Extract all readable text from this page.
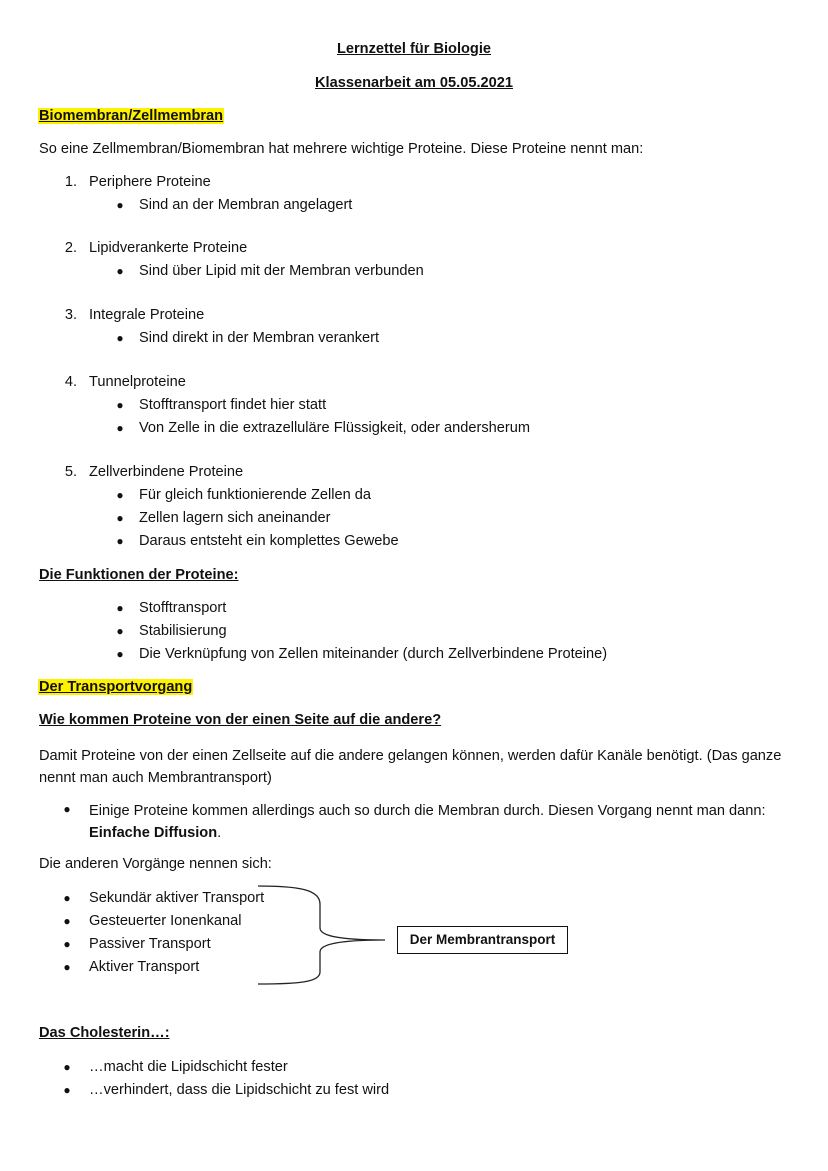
Lernzettel für Biologie
Klassenarbeit am 05.05.2021
Biomembran/Zellmembran
So eine Zellmembran/Biomembran hat mehrere wichtige Proteine. Diese Proteine nennt man:
1. Periphere Proteine
● Sind an der Membran angelagert
2. Lipidverankerte Proteine
● Sind über Lipid mit der Membran verbunden
3. Integrale Proteine
● Sind direkt in der Membran verankert
4. Tunnelproteine
● Stofftransport findet hier statt
● Von Zelle in die extrazelluläre Flüssigkeit, oder andersherum
5. Zellverbindene Proteine
● Für gleich funktionierende Zellen da
● Zellen lagern sich aneinander
● Daraus entsteht ein komplettes Gewebe
Die Funktionen der Proteine:
● Stofftransport
● Stabilisierung
● Die Verknüpfung von Zellen miteinander (durch Zellverbindene Proteine)
Der Transportvorgang
Wie kommen Proteine von der einen Seite auf die andere?
Damit Proteine von der einen Zellseite auf die andere gelangen können, werden dafür Kanäle benötigt. (Das ganze nennt man auch Membrantransport)
● Einige Proteine kommen allerdings auch so durch die Membran durch. Diesen Vorgang nennt man dann: Einfache Diffusion.
Die anderen Vorgänge nennen sich:
● Sekundär aktiver Transport
● Gesteuerter Ionenkanal
● Passiver Transport
● Aktiver Transport
Der Membrantransport
Das Cholesterin…:
● …macht die Lipidschicht fester
● …verhindert, dass die Lipidschicht zu fest wird
